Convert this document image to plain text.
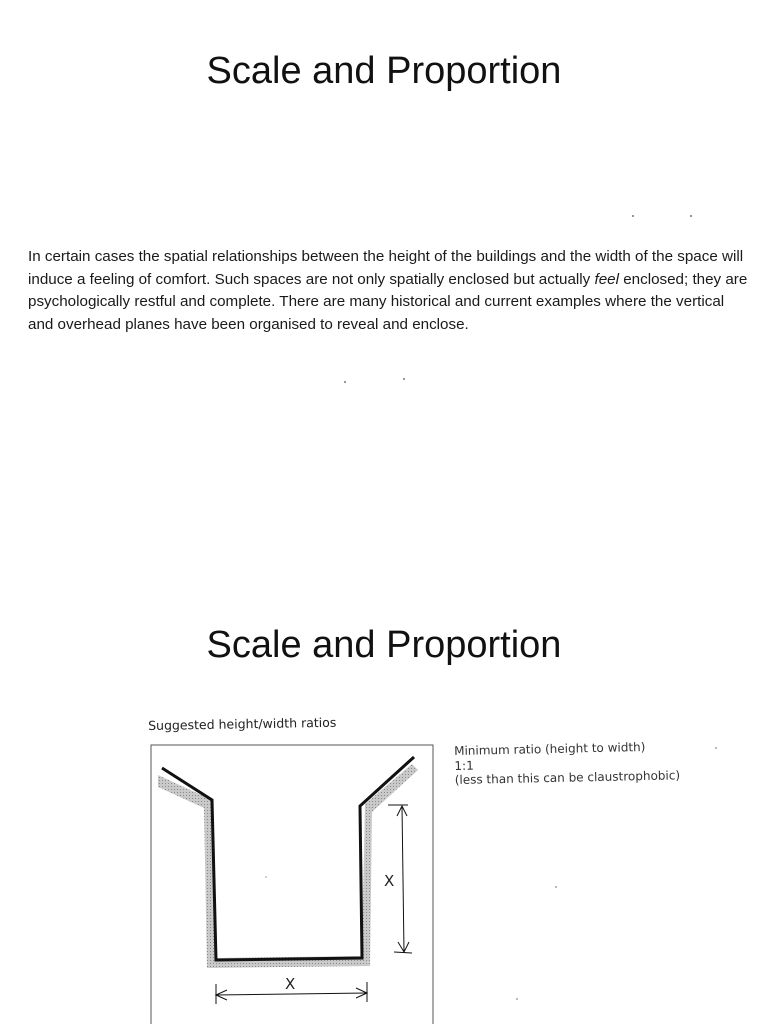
Scale and Proportion

In certain cases the spatial relationships between the height of the buildings and the width of the space will induce a feeling of comfort. Such spaces are not only spatially enclosed but actually feel enclosed; they are psychologically restful and complete. There are many historical and current examples where the vertical and overhead planes have been organised to reveal and enclose.

Scale and Proportion
Suggested height/width ratios
Minimum ratio (height to width)
1:1
(less than this can be claustrophobic)
X
X
